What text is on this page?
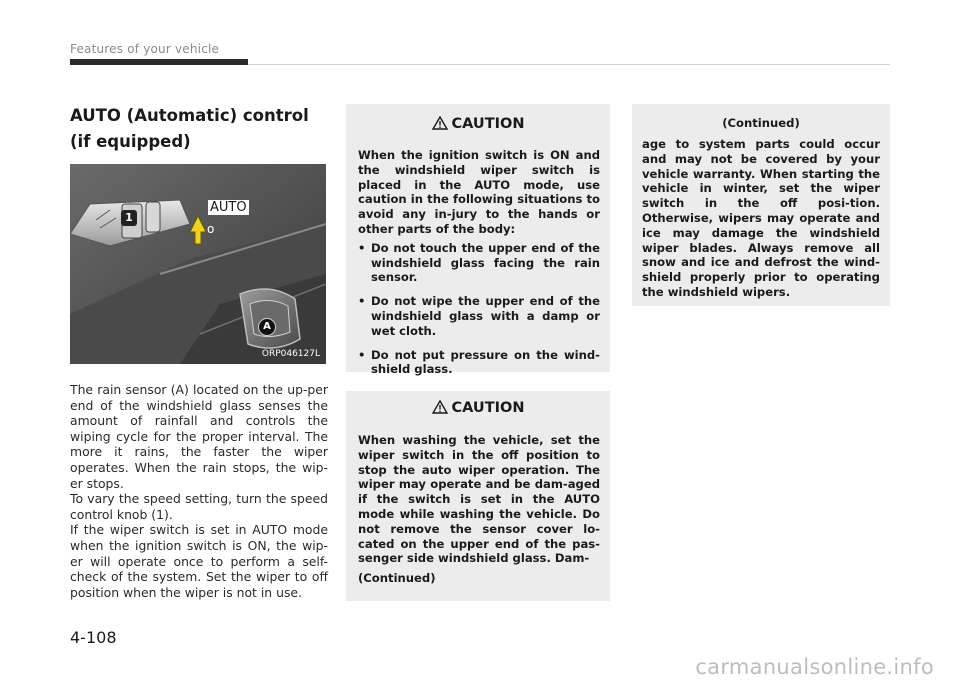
Features of your vehicle
AUTO (Automatic) control (if equipped)
1
AUTO
o
A
ORP046127L

The rain sensor (A) located on the up-per end of the windshield glass senses the amount of rainfall and controls the wiping cycle for the proper interval. The more it rains, the faster the wiper operates. When the rain stops, the wip-er stops.

To vary the speed setting, turn the speed control knob (1).

If the wiper switch is set in AUTO mode when the ignition switch is ON, the wip-er will operate once to perform a self-check of the system. Set the wiper to off position when the wiper is not in use.

CAUTION

When the ignition switch is ON and the windshield wiper switch is placed in the AUTO mode, use caution in the following situations to avoid any in-jury to the hands or other parts of the body:

• Do not touch the upper end of the windshield glass facing the rain sensor.
• Do not wipe the upper end of the windshield glass with a damp or wet cloth.
• Do not put pressure on the wind-shield glass.
CAUTION

When washing the vehicle, set the wiper switch in the off position to stop the auto wiper operation. The wiper may operate and be dam-aged if the switch is set in the AUTO mode while washing the vehicle. Do not remove the sensor cover lo-cated on the upper end of the pas-senger side windshield glass. Dam-

(Continued)
(Continued)

age to system parts could occur and may not be covered by your vehicle warranty. When starting the vehicle in winter, set the wiper switch in the off posi-tion. Otherwise, wipers may operate and ice may damage the windshield wiper blades. Always remove all snow and ice and defrost the wind-shield properly prior to operating the windshield wipers.

4-108
carmanualsonline.info
